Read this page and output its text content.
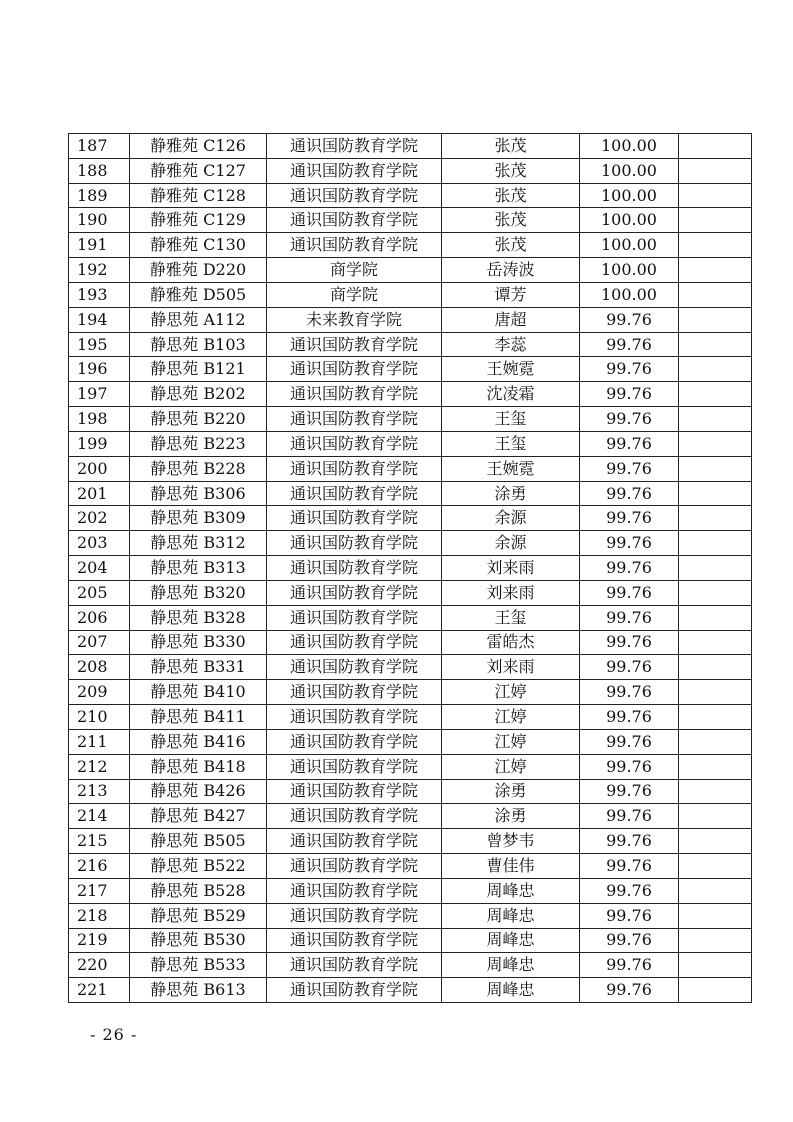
187	静雅苑 C126	通识国防教育学院	张茂	100.00	
188	静雅苑 C127	通识国防教育学院	张茂	100.00	
189	静雅苑 C128	通识国防教育学院	张茂	100.00	
190	静雅苑 C129	通识国防教育学院	张茂	100.00	
191	静雅苑 C130	通识国防教育学院	张茂	100.00	
192	静雅苑 D220	商学院	岳涛波	100.00	
193	静雅苑 D505	商学院	谭芳	100.00	
194	静思苑 A112	未来教育学院	唐超	99.76	
195	静思苑 B103	通识国防教育学院	李蕊	99.76	
196	静思苑 B121	通识国防教育学院	王婉霓	99.76	
197	静思苑 B202	通识国防教育学院	沈凌霜	99.76	
198	静思苑 B220	通识国防教育学院	王玺	99.76	
199	静思苑 B223	通识国防教育学院	王玺	99.76	
200	静思苑 B228	通识国防教育学院	王婉霓	99.76	
201	静思苑 B306	通识国防教育学院	涂勇	99.76	
202	静思苑 B309	通识国防教育学院	余源	99.76	
203	静思苑 B312	通识国防教育学院	余源	99.76	
204	静思苑 B313	通识国防教育学院	刘来雨	99.76	
205	静思苑 B320	通识国防教育学院	刘来雨	99.76	
206	静思苑 B328	通识国防教育学院	王玺	99.76	
207	静思苑 B330	通识国防教育学院	雷皓杰	99.76	
208	静思苑 B331	通识国防教育学院	刘来雨	99.76	
209	静思苑 B410	通识国防教育学院	江婷	99.76	
210	静思苑 B411	通识国防教育学院	江婷	99.76	
211	静思苑 B416	通识国防教育学院	江婷	99.76	
212	静思苑 B418	通识国防教育学院	江婷	99.76	
213	静思苑 B426	通识国防教育学院	涂勇	99.76	
214	静思苑 B427	通识国防教育学院	涂勇	99.76	
215	静思苑 B505	通识国防教育学院	曾梦韦	99.76	
216	静思苑 B522	通识国防教育学院	曹佳伟	99.76	
217	静思苑 B528	通识国防教育学院	周峰忠	99.76	
218	静思苑 B529	通识国防教育学院	周峰忠	99.76	
219	静思苑 B530	通识国防教育学院	周峰忠	99.76	
220	静思苑 B533	通识国防教育学院	周峰忠	99.76	
221	静思苑 B613	通识国防教育学院	周峰忠	99.76	
- 26 -
